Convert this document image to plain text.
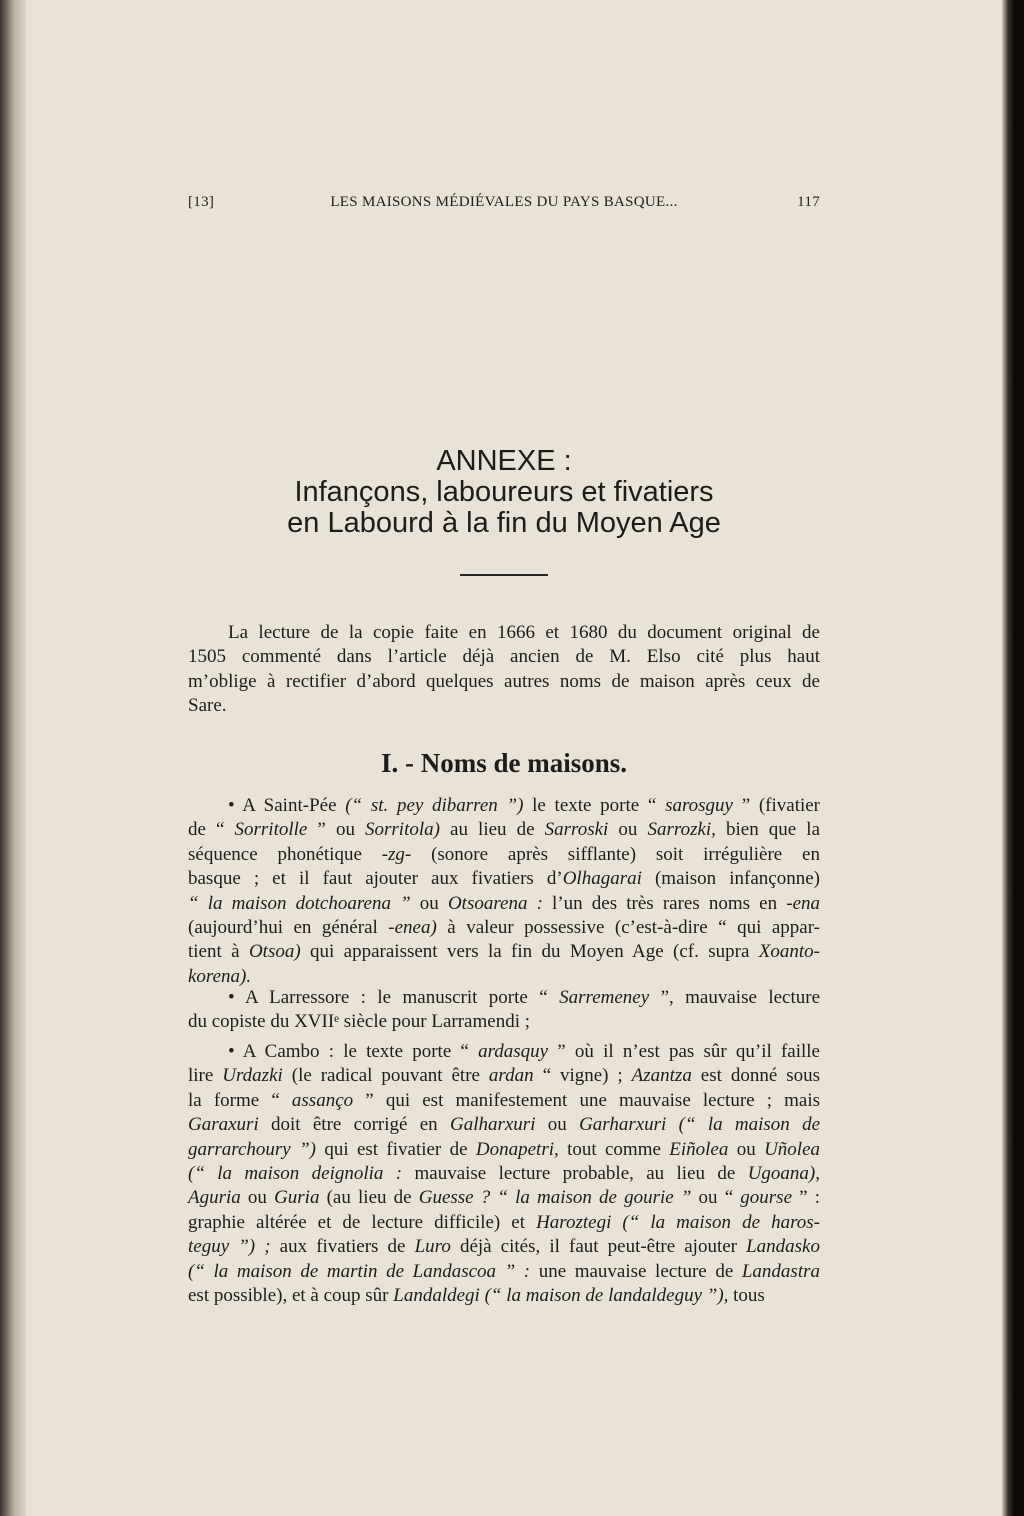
[13]	LES MAISONS MÉDIÉVALES DU PAYS BASQUE...	117
ANNEXE :
Infançons, laboureurs et fivatiers
en Labourd à la fin du Moyen Age
La lecture de la copie faite en 1666 et 1680 du document original de
1505 commenté dans l’article déjà ancien de M. Elso cité plus haut
m’oblige à rectifier d’abord quelques autres noms de maison après ceux de
Sare.
I. - Noms de maisons.
• A Saint-Pée (“ st. pey dibarren ”) le texte porte “ sarosguy ” (fivatier
de “ Sorritolle ” ou Sorritola) au lieu de Sarroski ou Sarrozki, bien que la
séquence phonétique -zg- (sonore après sifflante) soit irrégulière en
basque ; et il faut ajouter aux fivatiers d’Olhagarai (maison infançonne)
“ la maison dotchoarena ” ou Otsoarena : l’un des très rares noms en -ena
(aujourd’hui en général -enea) à valeur possessive (c’est-à-dire “ qui appar-
tient à Otsoa) qui apparaissent vers la fin du Moyen Age (cf. supra Xoanto-
korena).
• A Larressore : le manuscrit porte “ Sarremeney ”, mauvaise lecture
du copiste du XVIIᵉ siècle pour Larramendi ;
• A Cambo : le texte porte “ ardasquy ” où il n’est pas sûr qu’il faille
lire Urdazki (le radical pouvant être ardan “ vigne) ; Azantza est donné sous
la forme “ assanço ” qui est manifestement une mauvaise lecture ; mais
Garaxuri doit être corrigé en Galharxuri ou Garharxuri (“ la maison de
garrarchoury ”) qui est fivatier de Donapetri, tout comme Eiñolea ou Uñolea
(“ la maison deignolia : mauvaise lecture probable, au lieu de Ugoana),
Aguria ou Guria (au lieu de Guesse ? “ la maison de gourie ” ou “ gourse ” :
graphie altérée et de lecture difficile) et Haroztegi (“ la maison de haros-
teguy ”) ; aux fivatiers de Luro déjà cités, il faut peut-être ajouter Landasko
(“ la maison de martin de Landascoa ” : une mauvaise lecture de Landastra
est possible), et à coup sûr Landaldegi (“ la maison de landaldeguy ”), tous
